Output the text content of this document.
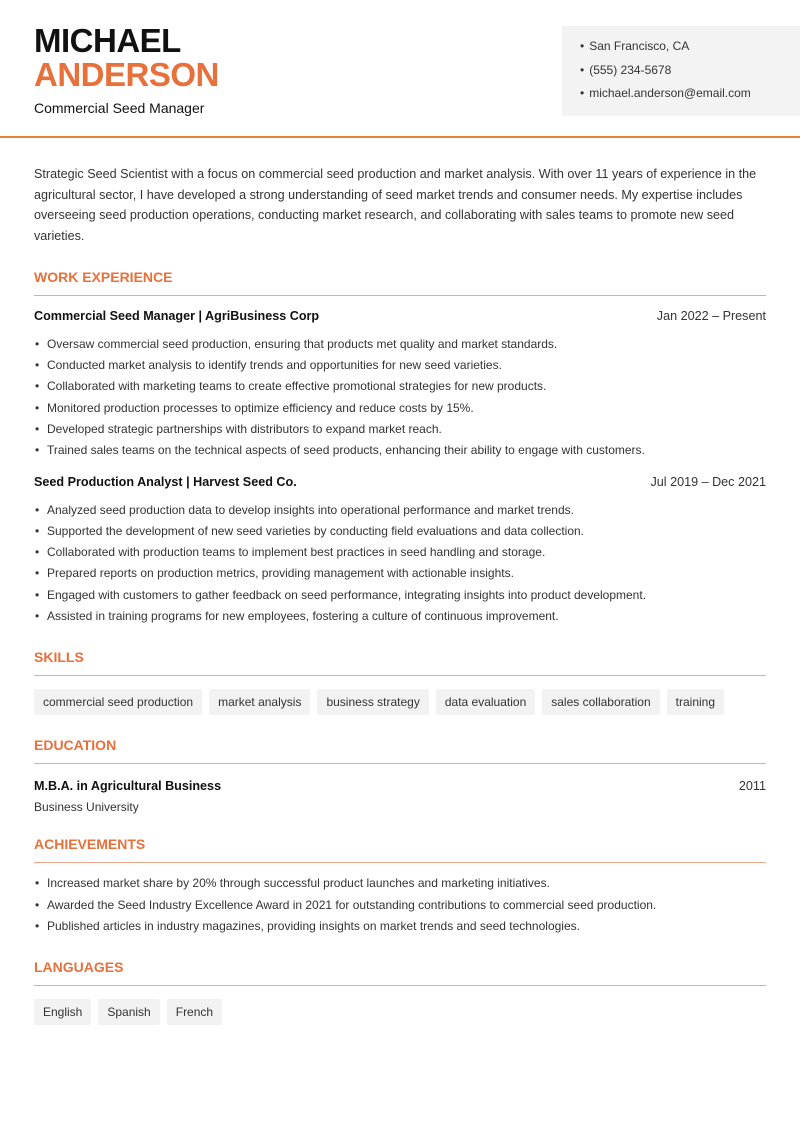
MICHAEL
ANDERSON
Commercial Seed Manager
• San Francisco, CA
• (555) 234-5678
• michael.anderson@email.com

Strategic Seed Scientist with a focus on commercial seed production and market analysis. With over 11 years of experience in the agricultural sector, I have developed a strong understanding of seed market trends and consumer needs. My expertise includes overseeing seed production operations, conducting market research, and collaborating with sales teams to promote new seed varieties.

WORK EXPERIENCE
Commercial Seed Manager | AgriBusiness Corp	Jan 2022 – Present
• Oversaw commercial seed production, ensuring that products met quality and market standards.
• Conducted market analysis to identify trends and opportunities for new seed varieties.
• Collaborated with marketing teams to create effective promotional strategies for new products.
• Monitored production processes to optimize efficiency and reduce costs by 15%.
• Developed strategic partnerships with distributors to expand market reach.
• Trained sales teams on the technical aspects of seed products, enhancing their ability to engage with customers.
Seed Production Analyst | Harvest Seed Co.	Jul 2019 – Dec 2021
• Analyzed seed production data to develop insights into operational performance and market trends.
• Supported the development of new seed varieties by conducting field evaluations and data collection.
• Collaborated with production teams to implement best practices in seed handling and storage.
• Prepared reports on production metrics, providing management with actionable insights.
• Engaged with customers to gather feedback on seed performance, integrating insights into product development.
• Assisted in training programs for new employees, fostering a culture of continuous improvement.
SKILLS
commercial seed production	market analysis	business strategy	data evaluation	sales collaboration	training
EDUCATION
M.B.A. in Agricultural Business	2011
Business University
ACHIEVEMENTS
• Increased market share by 20% through successful product launches and marketing initiatives.
• Awarded the Seed Industry Excellence Award in 2021 for outstanding contributions to commercial seed production.
• Published articles in industry magazines, providing insights on market trends and seed technologies.
LANGUAGES
English	Spanish	French
